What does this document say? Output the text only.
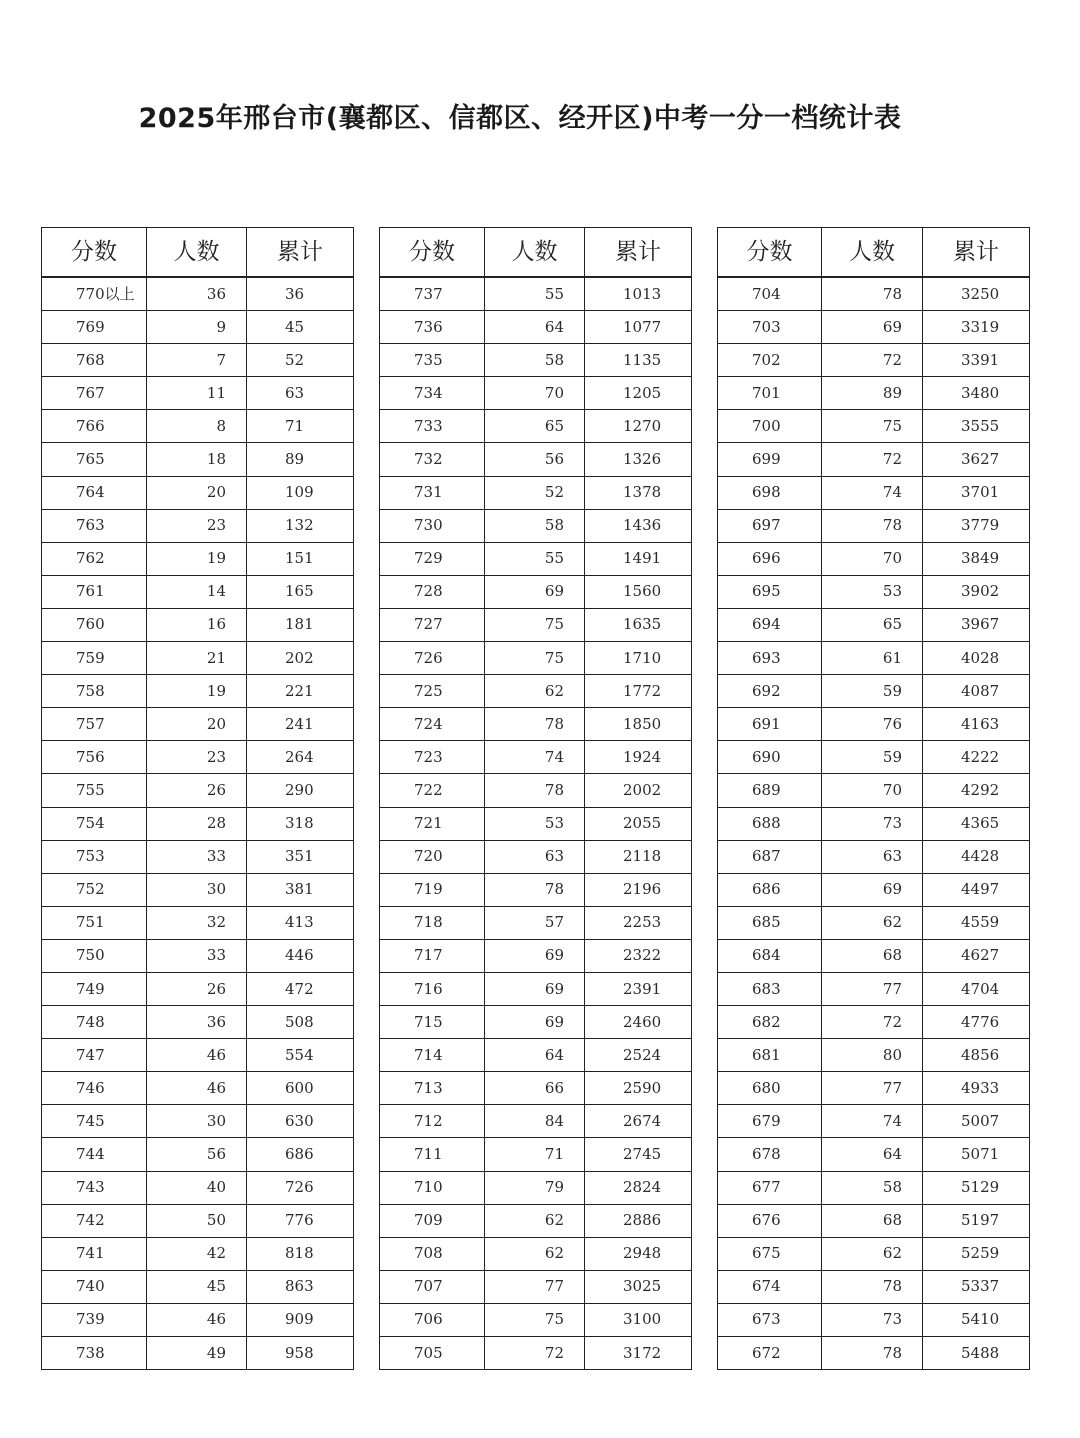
2025年邢台市(襄都区、信都区、经开区)中考一分一档统计表
分数	人数	累计
770以上	36	36
769	9	45
768	7	52
767	11	63
766	8	71
765	18	89
764	20	109
763	23	132
762	19	151
761	14	165
760	16	181
759	21	202
758	19	221
757	20	241
756	23	264
755	26	290
754	28	318
753	33	351
752	30	381
751	32	413
750	33	446
749	26	472
748	36	508
747	46	554
746	46	600
745	30	630
744	56	686
743	40	726
742	50	776
741	42	818
740	45	863
739	46	909
738	49	958
分数	人数	累计
737	55	1013
736	64	1077
735	58	1135
734	70	1205
733	65	1270
732	56	1326
731	52	1378
730	58	1436
729	55	1491
728	69	1560
727	75	1635
726	75	1710
725	62	1772
724	78	1850
723	74	1924
722	78	2002
721	53	2055
720	63	2118
719	78	2196
718	57	2253
717	69	2322
716	69	2391
715	69	2460
714	64	2524
713	66	2590
712	84	2674
711	71	2745
710	79	2824
709	62	2886
708	62	2948
707	77	3025
706	75	3100
705	72	3172
分数	人数	累计
704	78	3250
703	69	3319
702	72	3391
701	89	3480
700	75	3555
699	72	3627
698	74	3701
697	78	3779
696	70	3849
695	53	3902
694	65	3967
693	61	4028
692	59	4087
691	76	4163
690	59	4222
689	70	4292
688	73	4365
687	63	4428
686	69	4497
685	62	4559
684	68	4627
683	77	4704
682	72	4776
681	80	4856
680	77	4933
679	74	5007
678	64	5071
677	58	5129
676	68	5197
675	62	5259
674	78	5337
673	73	5410
672	78	5488
